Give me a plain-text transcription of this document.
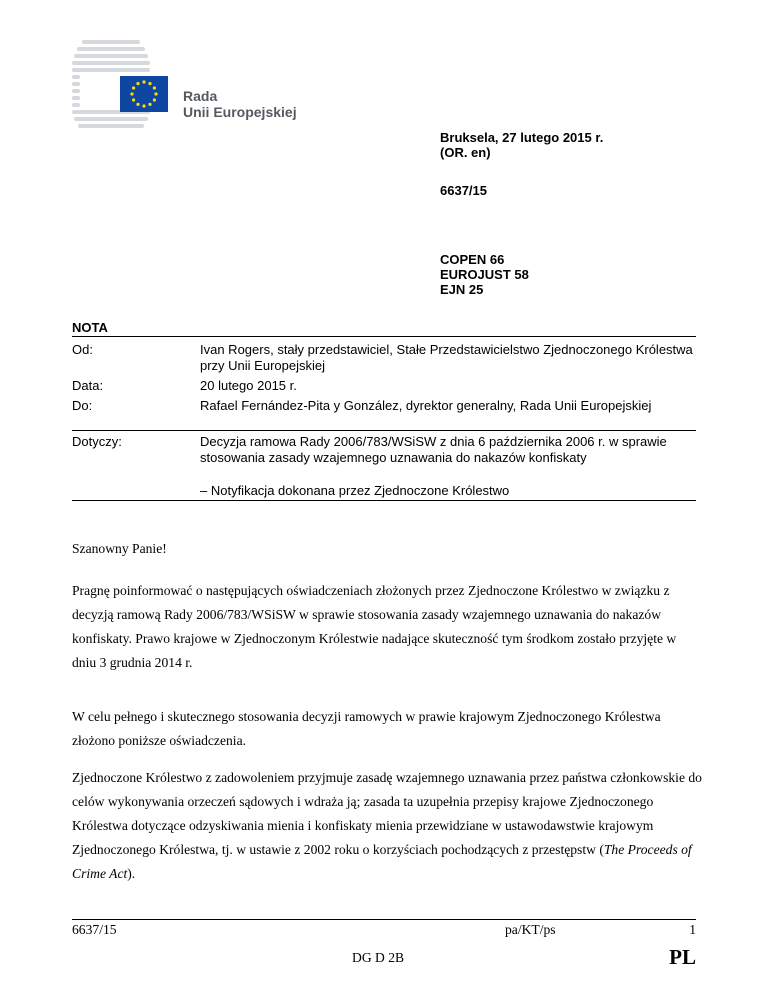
Rada
Unii Europejskiej
Bruksela, 27 lutego 2015 r.
(OR. en)
6637/15
COPEN 66
EUROJUST 58
EJN 25
NOTA
Od:	Ivan Rogers, stały przedstawiciel, Stałe Przedstawicielstwo Zjednoczonego Królestwa przy Unii Europejskiej
Data:	20 lutego 2015 r.
Do:	Rafael Fernández-Pita y González, dyrektor generalny, Rada Unii Europejskiej
Dotyczy:	Decyzja ramowa Rady 2006/783/WSiSW z dnia 6 października 2006 r. w sprawie stosowania zasady wzajemnego uznawania do nakazów konfiskaty
– Notyfikacja dokonana przez Zjednoczone Królestwo
Szanowny Panie!
Pragnę poinformować o następujących oświadczeniach złożonych przez Zjednoczone Królestwo w związku z decyzją ramową Rady 2006/783/WSiSW w sprawie stosowania zasady wzajemnego uznawania do nakazów konfiskaty. Prawo krajowe w Zjednoczonym Królestwie nadające skuteczność tym środkom zostało przyjęte w dniu 3 grudnia 2014 r.
W celu pełnego i skutecznego stosowania decyzji ramowych w prawie krajowym Zjednoczonego Królestwa złożono poniższe oświadczenia.
Zjednoczone Królestwo z zadowoleniem przyjmuje zasadę wzajemnego uznawania przez państwa członkowskie do celów wykonywania orzeczeń sądowych i wdraża ją; zasada ta uzupełnia przepisy krajowe Zjednoczonego Królestwa dotyczące odzyskiwania mienia i konfiskaty mienia przewidziane w ustawodawstwie krajowym Zjednoczonego Królestwa, tj. w ustawie z 2002 roku o korzyściach pochodzących z przestępstw (The Proceeds of Crime Act).
6637/15	pa/KT/ps	1
DG D 2B	PL
